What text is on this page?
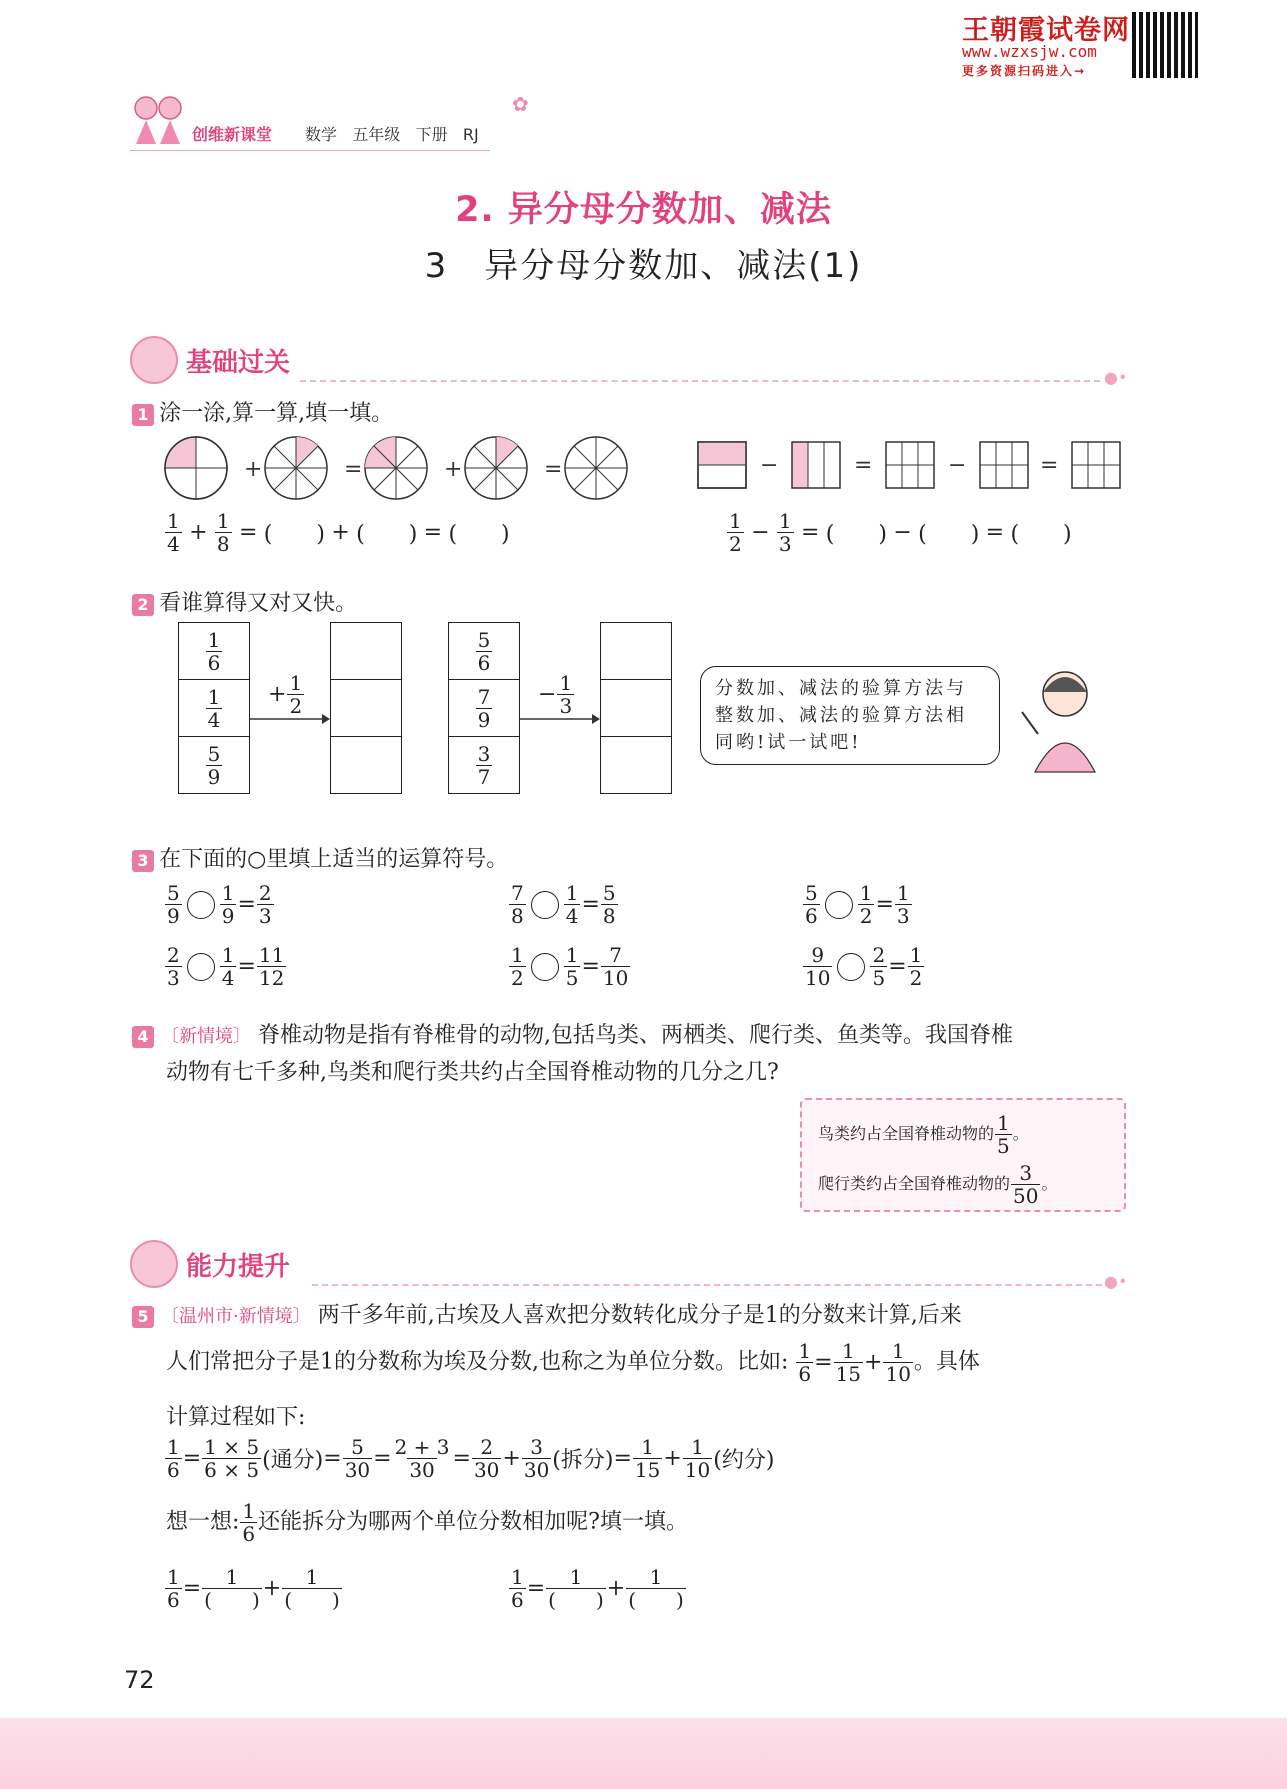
王朝霞试卷网
www.wzxsjw.com
更多资源扫码进入→
创维新课堂 数学 五年级 下册 RJ
✿
2. 异分母分数加、减法
3　异分母分数加、减法(1)
基础过关	●•
1 涂一涂,算一算,填一填。
+	=	+	=	−	=	−	=
$\frac{1}{4} + \frac{1}{8}$ = (　　) + (　　) = (　　)	$\frac{1}{2} - \frac{1}{3}$ = (　　) − (　　) = (　　)
2 看谁算得又对又快。
$\frac{1}{6}$
$\frac{1}{4}$
$\frac{5}{9}$
+ $\frac{1}{2}$
$\frac{5}{6}$
$\frac{7}{9}$
$\frac{3}{7}$
− $\frac{1}{3}$	分数加、减法的验算方法与整数加、减法的验算方法相同哟!试一试吧!
3 在下面的○里填上适当的运算符号。
$\frac{5}{9} \frac{1}{9} = \frac{2}{3}$	$\frac{7}{8} \frac{1}{4} = \frac{5}{8}$	$\frac{5}{6} \frac{1}{2} = \frac{1}{3}$
$\frac{2}{3} \frac{1}{4} = \frac{11}{12}$	$\frac{1}{2} \frac{1}{5} = \frac{7}{10}$	$\frac{9}{10} \frac{2}{5} = \frac{1}{2}$
4 〔新情境〕 脊椎动物是指有脊椎骨的动物,包括鸟类、两栖类、爬行类、鱼类等。我国脊椎
动物有七千多种,鸟类和爬行类共约占全国脊椎动物的几分之几?
鸟类约占全国脊椎动物的 $\frac{1}{5}$ 。
爬行类约占全国脊椎动物的 $\frac{3}{50}$ 。
能力提升	●•
5 〔温州市·新情境〕 两千多年前,古埃及人喜欢把分数转化成分子是1的分数来计算,后来
人们常把分子是1的分数称为埃及分数,也称之为单位分数。比如: $\frac{1}{6} = \frac{1}{15} + \frac{1}{10}$ 。具体
计算过程如下:
$\frac{1}{6} = \frac{1 \times 5}{6 \times 5}$ (通分)= $\frac{5}{30} = \frac{2 + 3}{30} = \frac{2}{30} + \frac{3}{30}$ (拆分)= $\frac{1}{15} + \frac{1}{10}$ (约分)
想一想: $\frac{1}{6}$ 还能拆分为哪两个单位分数相加呢?填一填。
$\frac{1}{6} = \frac{1}{( )} + \frac{1}{( )}$	$\frac{1}{6} = \frac{1}{( )} + \frac{1}{( )}$
72
